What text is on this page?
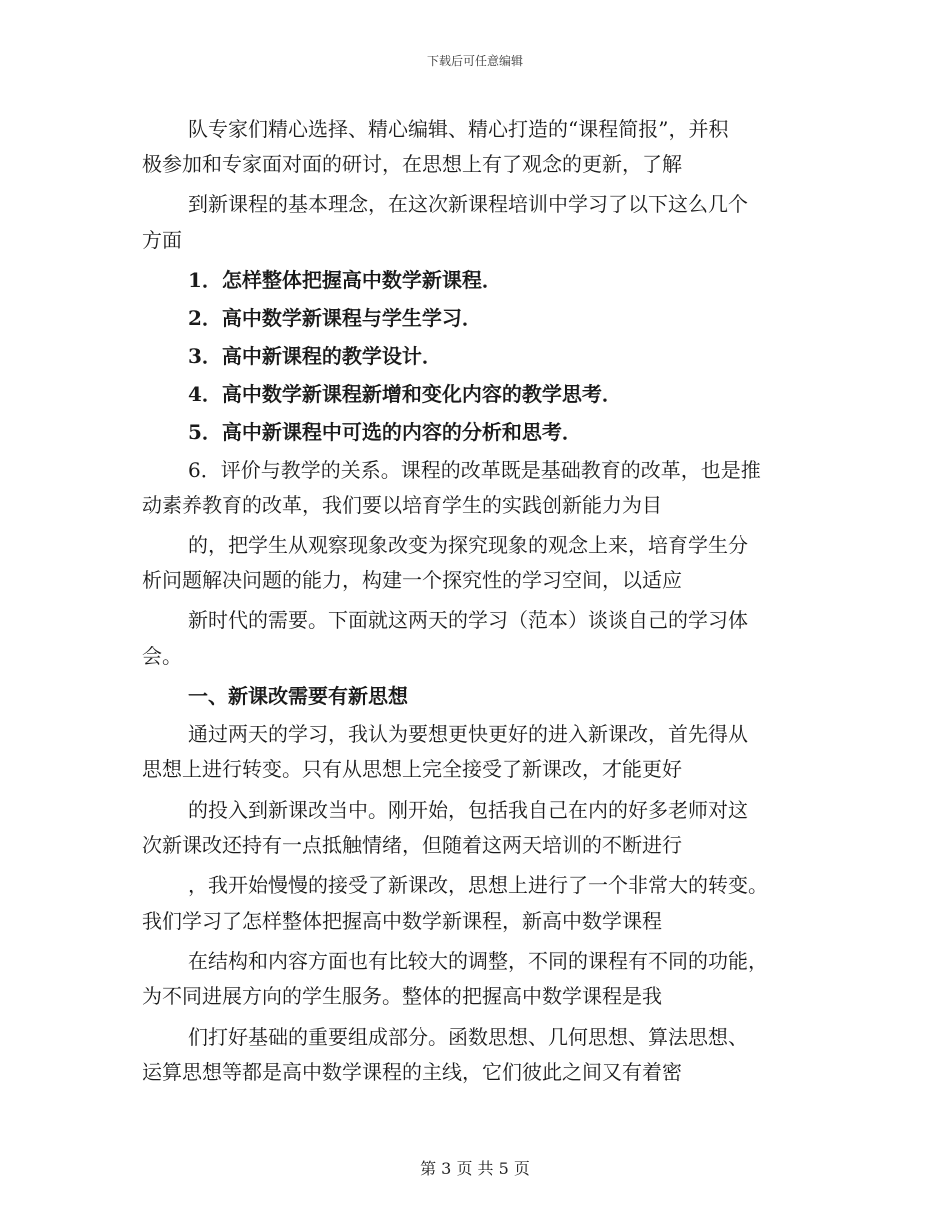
下载后可任意编辑
队专家们精心选择、精心编辑、精心打造的“课程简报”，并积
极参加和专家面对面的研讨，在思想上有了观念的更新，了解
到新课程的基本理念，在这次新课程培训中学习了以下这么几个
方面
1．怎样整体把握高中数学新课程．
2．高中数学新课程与学生学习．
3．高中新课程的教学设计．
4．高中数学新课程新增和变化内容的教学思考．
5．高中新课程中可选的内容的分析和思考．
6．评价与教学的关系。课程的改革既是基础教育的改革，也是推
动素养教育的改革，我们要以培育学生的实践创新能力为目
的，把学生从观察现象改变为探究现象的观念上来，培育学生分
析问题解决问题的能力，构建一个探究性的学习空间，以适应
新时代的需要。下面就这两天的学习（范本）谈谈自己的学习体
会。
一、新课改需要有新思想
通过两天的学习，我认为要想更快更好的进入新课改，首先得从
思想上进行转变。只有从思想上完全接受了新课改，才能更好
的投入到新课改当中。刚开始，包括我自己在内的好多老师对这
次新课改还持有一点抵触情绪，但随着这两天培训的不断进行
，我开始慢慢的接受了新课改，思想上进行了一个非常大的转变。
我们学习了怎样整体把握高中数学新课程，新高中数学课程
在结构和内容方面也有比较大的调整，不同的课程有不同的功能，
为不同进展方向的学生服务。整体的把握高中数学课程是我
们打好基础的重要组成部分。函数思想、几何思想、算法思想、
运算思想等都是高中数学课程的主线，它们彼此之间又有着密
第 3 页 共 5 页
